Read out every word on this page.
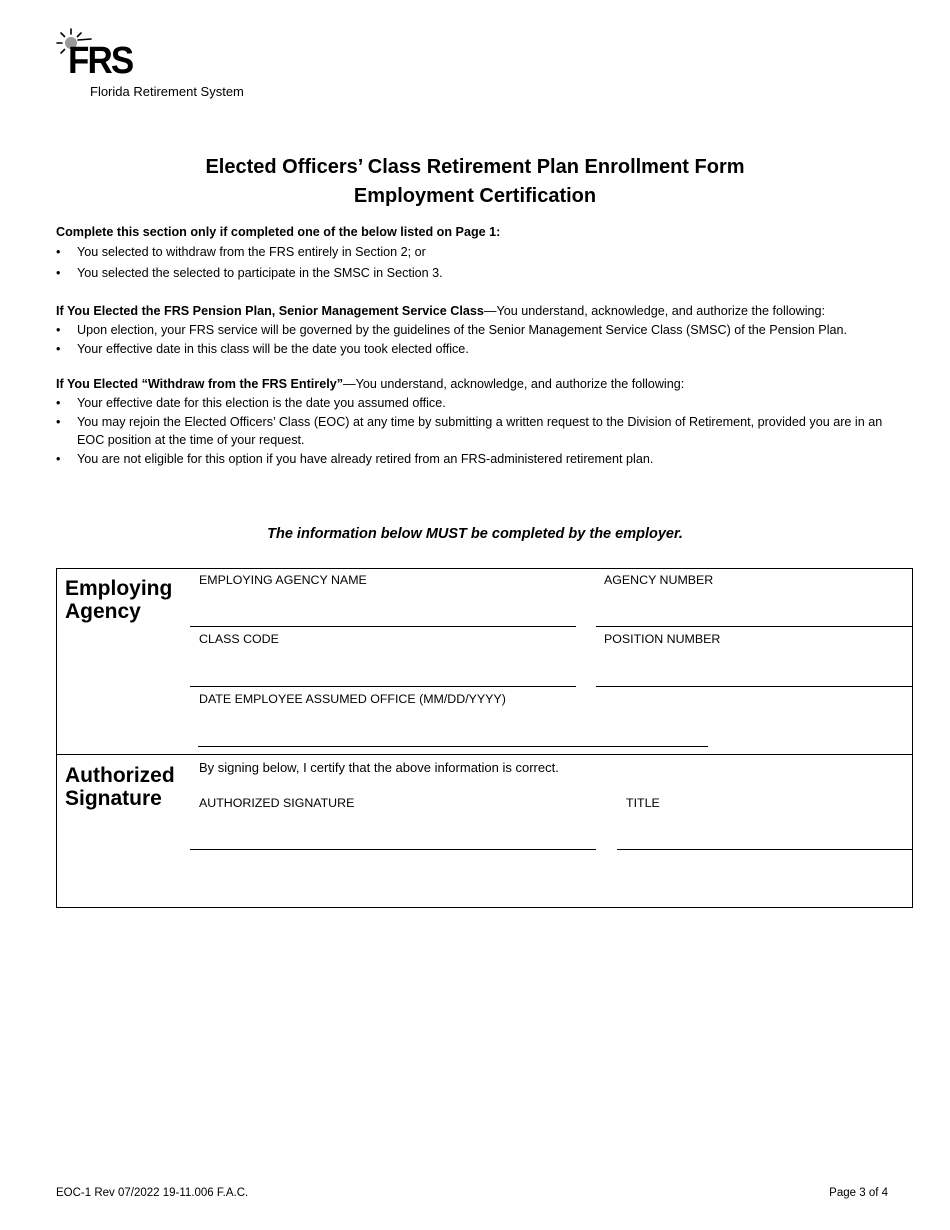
FRS
Florida Retirement System
Elected Officers’ Class Retirement Plan Enrollment Form
Employment Certification
Complete this section only if completed one of the below listed on Page 1:
• You selected to withdraw from the FRS entirely in Section 2; or
• You selected the selected to participate in the SMSC in Section 3.
If You Elected the FRS Pension Plan, Senior Management Service Class—You understand, acknowledge, and authorize the following:
• Upon election, your FRS service will be governed by the guidelines of the Senior Management Service Class (SMSC) of the Pension Plan.
• Your effective date in this class will be the date you took elected office.
If You Elected “Withdraw from the FRS Entirely”—You understand, acknowledge, and authorize the following:
• Your effective date for this election is the date you assumed office.
• You may rejoin the Elected Officers’ Class (EOC) at any time by submitting a written request to the Division of Retirement, provided you are in an EOC position at the time of your request.
• You are not eligible for this option if you have already retired from an FRS-administered retirement plan.
The information below MUST be completed by the employer.
Employing
Agency
EMPLOYING AGENCY NAME	AGENCY NUMBER
CLASS CODE	POSITION NUMBER
DATE EMPLOYEE ASSUMED OFFICE (MM/DD/YYYY)
Authorized
Signature
By signing below, I certify that the above information is correct.
AUTHORIZED SIGNATURE	TITLE
EOC-1 Rev 07/2022 19-11.006 F.A.C.	Page 3 of 4
